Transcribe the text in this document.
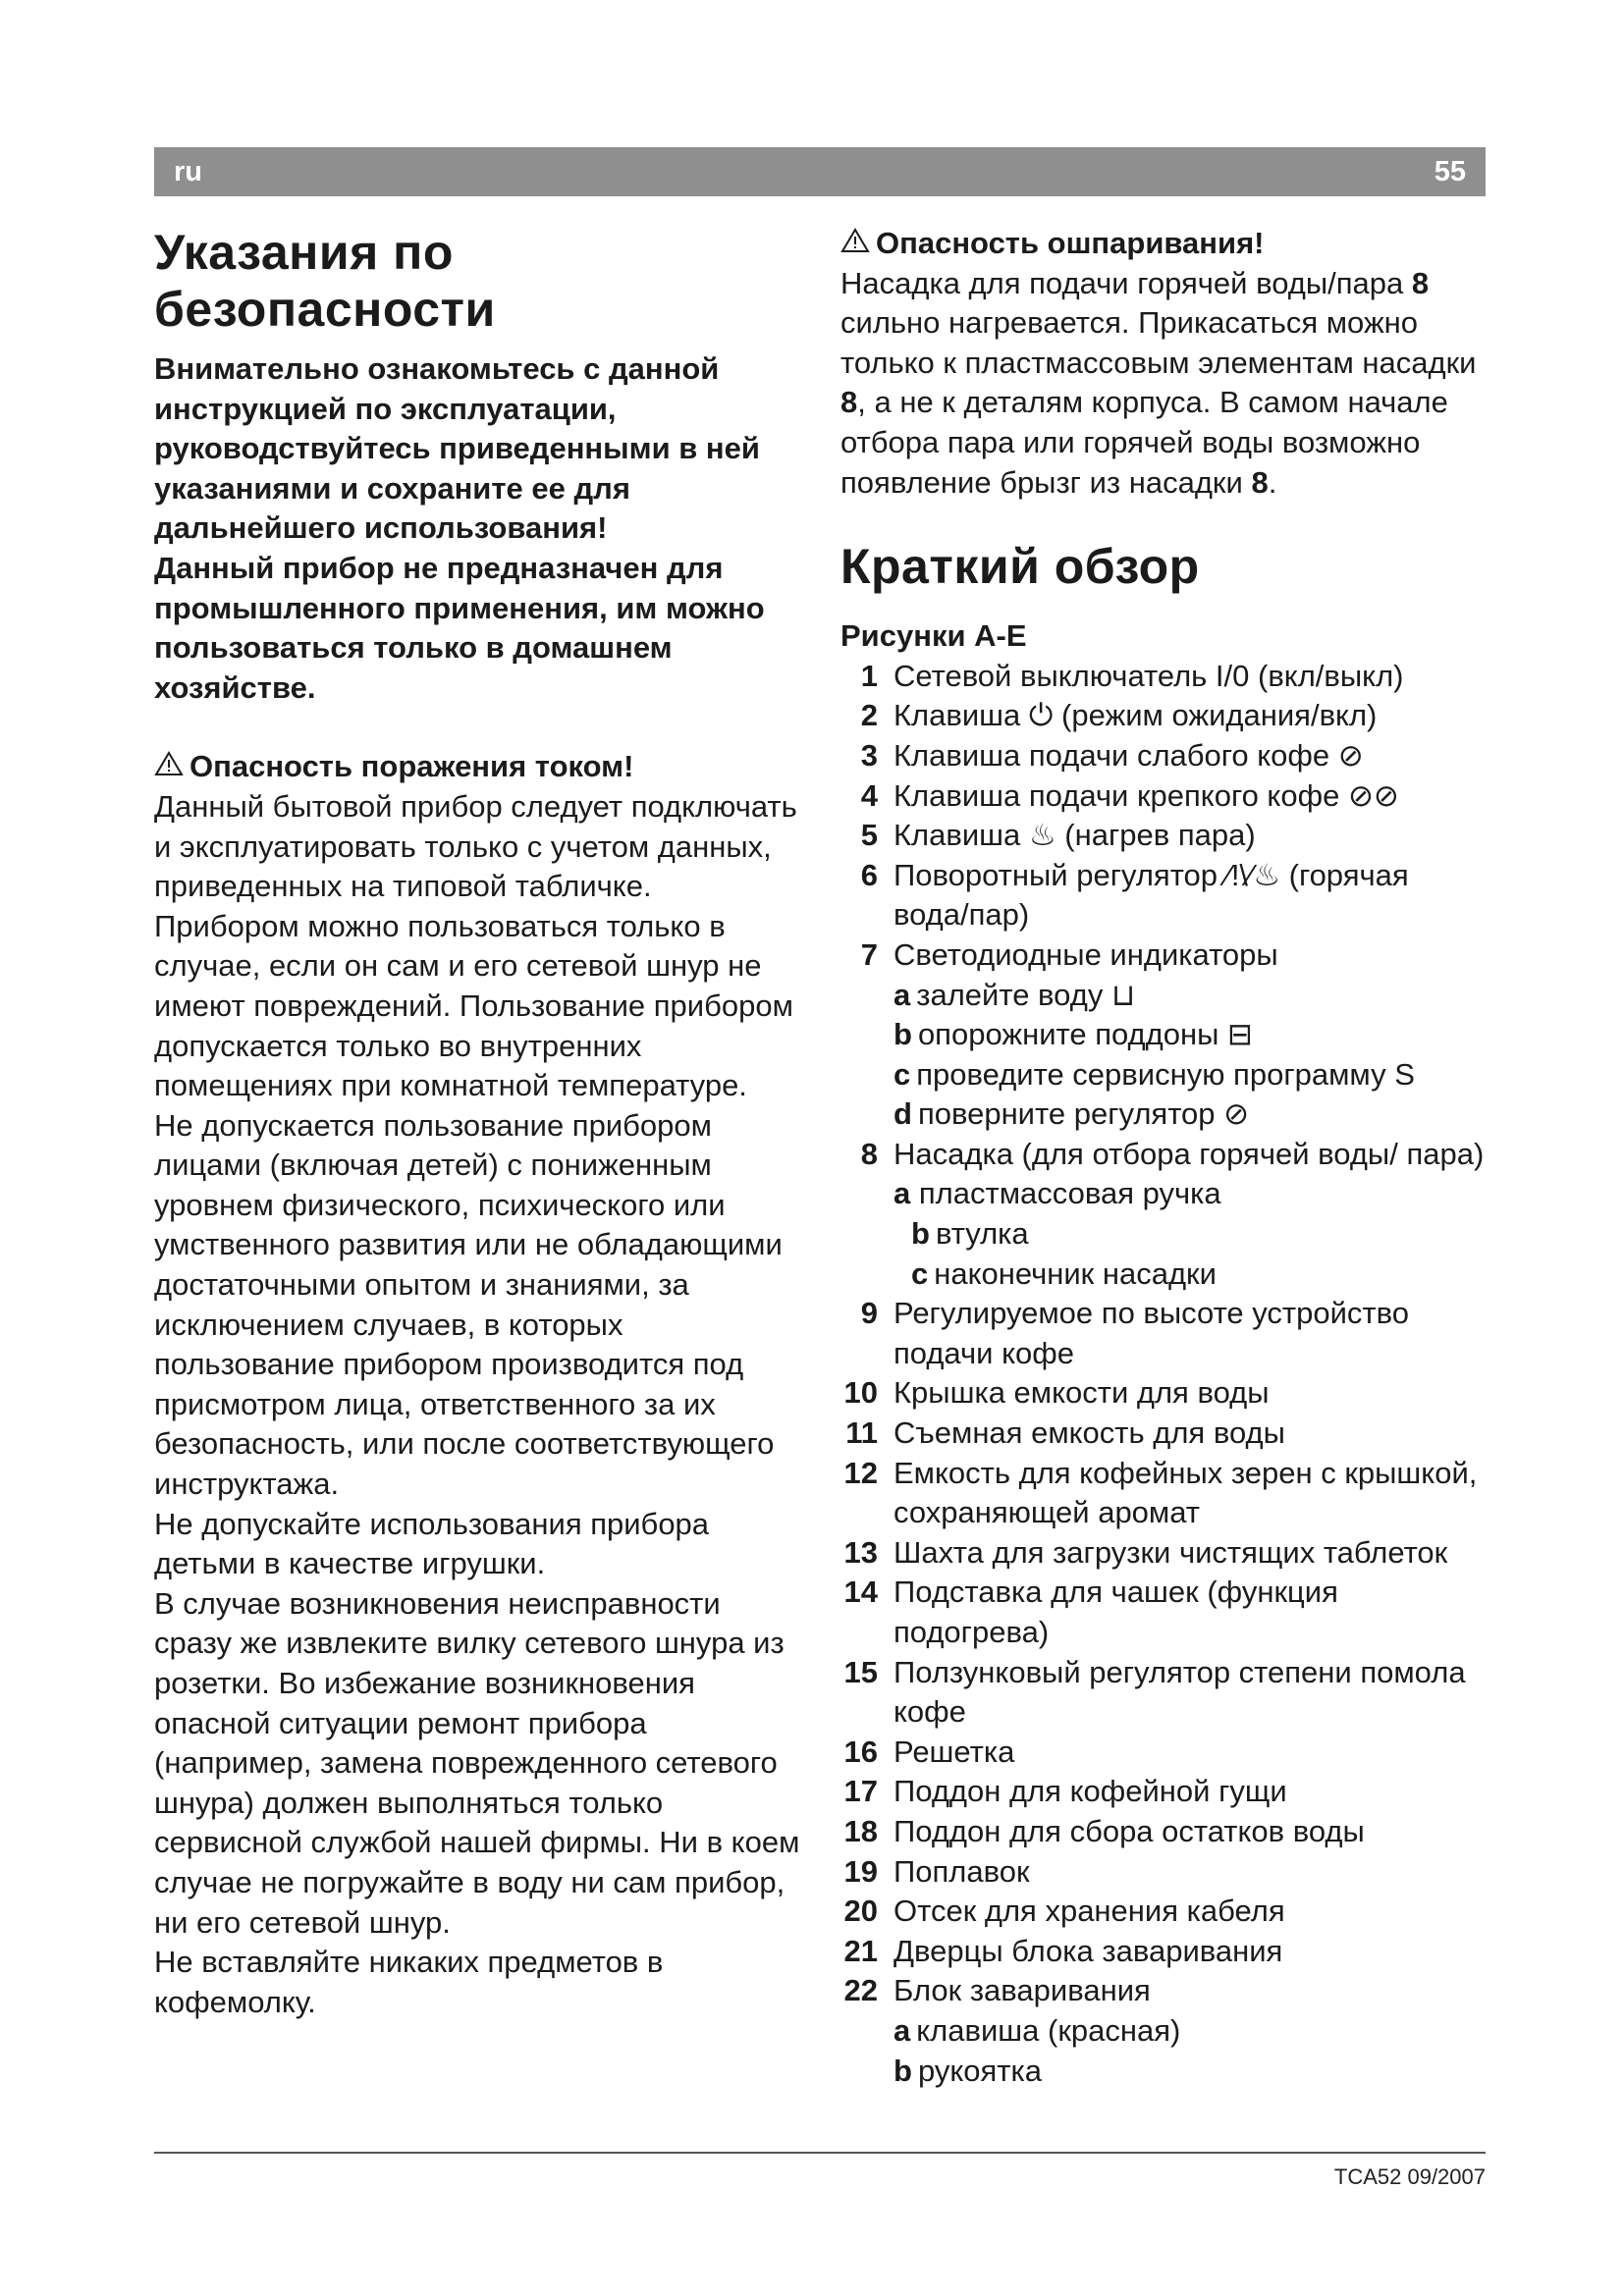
ru	55
Указания по
безопасности

Внимательно ознакомьтесь с данной инструкцией по эксплуатации, руководствуйтесь приведенными в ней указаниями и сохраните ее для дальнейшего использования!

Данный прибор не предназначен для промышленного применения, им можно пользоваться только в домашнем хозяйстве.

Опасность поражения током!

Данный бытовой прибор следует подключать и эксплуатировать только с учетом данных, приведенных на типовой табличке. Прибором можно пользоваться только в случае, если он сам и его сетевой шнур не имеют повреждений. Пользование прибором допускается только во внутренних помещениях при комнатной температуре.

Не допускается пользование прибором лицами (включая детей) с пониженным уровнем физического, психического или умственного развития или не обладающими достаточными опытом и знаниями, за исключением случаев, в которых пользование прибором производится под присмотром лица, ответственного за их безопасность, или после соответствующего инструктажа.

Не допускайте использования прибора детьми в качестве игрушки.

В случае возникновения неисправности сразу же извлеките вилку сетевого шнура из розетки. Во избежание возникновения опасной ситуации ремонт прибора (например, замена поврежденного сетевого шнура) должен выполняться только сервисной службой нашей фирмы. Ни в коем случае не погружайте в воду ни сам прибор, ни его сетевой шнур.

Не вставляйте никаких предметов в кофемолку.

Опасность ошпаривания!

Насадка для подачи горячей воды/пара 8 сильно нагревается. Прикасаться можно только к пластмассовым элементам насадки 8, а не к деталям корпуса. В самом начале отбора пара или горячей воды возможно появление брызг из насадки 8.

Краткий обзор

Рисунки A-E

1 Сетевой выключатель I/0 (вкл/выкл)
2 Клавиша ⏻ (режим ожидания/вкл)
3 Клавиша подачи слабого кофе ⊘
4 Клавиша подачи крепкого кофе ⊘⊘
5 Клавиша ♨ (нагрев пара)
6 Поворотный регулятор ⁄!\⁄♨ (горячая вода/пар)
7 Светодиодные индикаторы
a залейте воду ⊔
b опорожните поддоны ⊟
c проведите сервисную программу S
d поверните регулятор ⊘
8 Насадка (для отбора горячей воды/ пара) a пластмассовая ручка
b втулка
c наконечник насадки
9 Регулируемое по высоте устройство подачи кофе
10 Крышка емкости для воды
11 Съемная емкость для воды
12 Емкость для кофейных зерен с крышкой, сохраняющей аромат
13 Шахта для загрузки чистящих таблеток
14 Подставка для чашек (функция подогрева)
15 Ползунковый регулятор степени помола кофе
16 Решетка
17 Поддон для кофейной гущи
18 Поддон для сбора остатков воды
19 Поплавок
20 Отсек для хранения кабеля
21 Дверцы блока заваривания
22 Блок заваривания
a клавиша (красная)
b рукоятка
TCA52 09/2007
